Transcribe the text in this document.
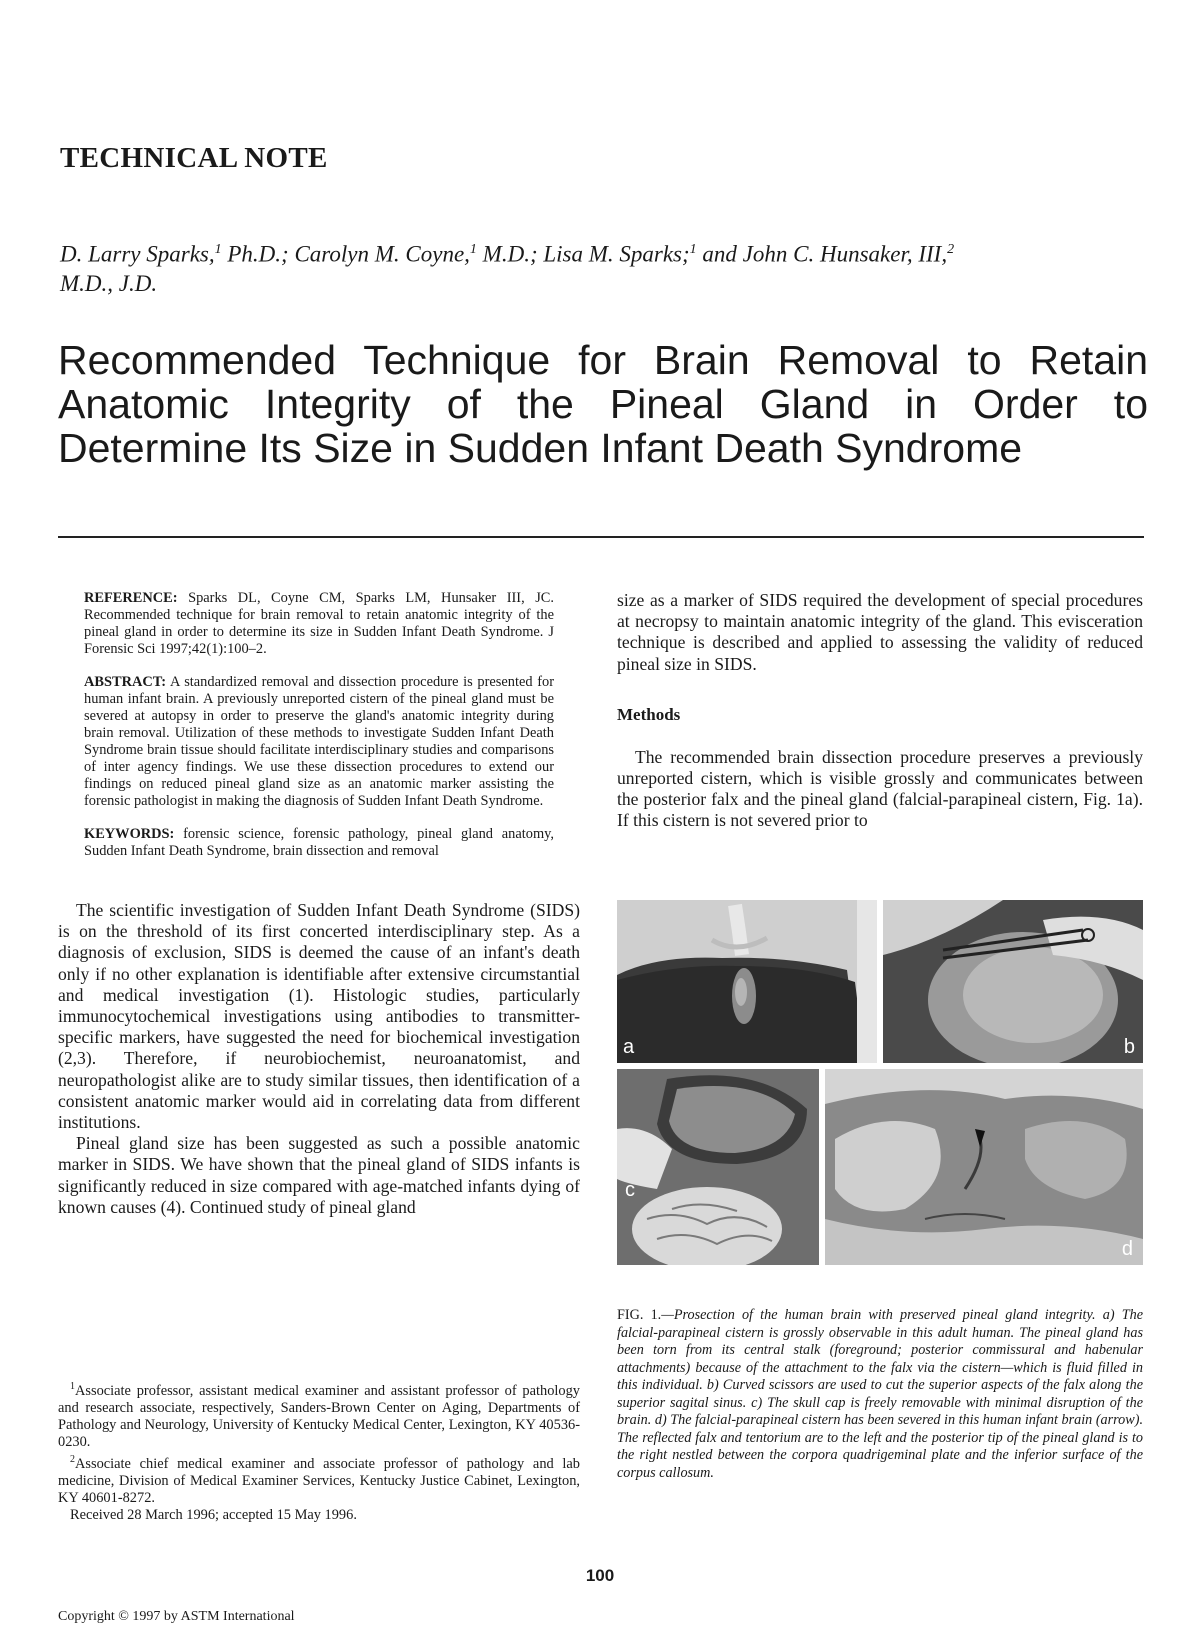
TECHNICAL NOTE
D. Larry Sparks,$^1$ Ph.D.; Carolyn M. Coyne,$^1$ M.D.; Lisa M. Sparks;$^1$ and John C. Hunsaker, III,$^2$
M.D., J.D.
Recommended Technique for Brain Removal to Retain Anatomic Integrity of the Pineal Gland in Order to Determine Its Size in Sudden Infant Death Syndrome

REFERENCE: Sparks DL, Coyne CM, Sparks LM, Hunsaker III, JC. Recommended technique for brain removal to retain anatomic integrity of the pineal gland in order to determine its size in Sudden Infant Death Syndrome. J Forensic Sci 1997;42(1):100–2.

ABSTRACT: A standardized removal and dissection procedure is presented for human infant brain. A previously unreported cistern of the pineal gland must be severed at autopsy in order to preserve the gland's anatomic integrity during brain removal. Utilization of these methods to investigate Sudden Infant Death Syndrome brain tissue should facilitate interdisciplinary studies and comparisons of inter agency findings. We use these dissection procedures to extend our findings on reduced pineal gland size as an anatomic marker assisting the forensic pathologist in making the diagnosis of Sudden Infant Death Syndrome.

KEYWORDS: forensic science, forensic pathology, pineal gland anatomy, Sudden Infant Death Syndrome, brain dissection and removal

The scientific investigation of Sudden Infant Death Syndrome (SIDS) is on the threshold of its first concerted interdisciplinary step. As a diagnosis of exclusion, SIDS is deemed the cause of an infant's death only if no other explanation is identifiable after extensive circumstantial and medical investigation (1). Histologic studies, particularly immunocytochemical investigations using antibodies to transmitter-specific markers, have suggested the need for biochemical investigation (2,3). Therefore, if neurobiochemist, neuroanatomist, and neuropathologist alike are to study similar tissues, then identification of a consistent anatomic marker would aid in correlating data from different institutions.

Pineal gland size has been suggested as such a possible anatomic marker in SIDS. We have shown that the pineal gland of SIDS infants is significantly reduced in size compared with age-matched infants dying of known causes (4). Continued study of pineal gland

size as a marker of SIDS required the development of special procedures at necropsy to maintain anatomic integrity of the gland. This evisceration technique is described and applied to assessing the validity of reduced pineal size in SIDS.

Methods

The recommended brain dissection procedure preserves a previously unreported cistern, which is visible grossly and communicates between the posterior falx and the pineal gland (falcial-parapineal cistern, Fig. 1a). If this cistern is not severed prior to

a	b
c
d

FIG. 1.—Prosection of the human brain with preserved pineal gland integrity. a) The falcial-parapineal cistern is grossly observable in this adult human. The pineal gland has been torn from its central stalk (foreground; posterior commissural and habenular attachments) because of the attachment to the falx via the cistern—which is fluid filled in this individual. b) Curved scissors are used to cut the superior aspects of the falx along the superior sagital sinus. c) The skull cap is freely removable with minimal disruption of the brain. d) The falcial-parapineal cistern has been severed in this human infant brain (arrow). The reflected falx and tentorium are to the left and the posterior tip of the pineal gland is to the right nestled between the corpora quadrigeminal plate and the inferior surface of the corpus callosum.

$^1$Associate professor, assistant medical examiner and assistant professor of pathology and research associate, respectively, Sanders-Brown Center on Aging, Departments of Pathology and Neurology, University of Kentucky Medical Center, Lexington, KY 40536-0230.

$^2$Associate chief medical examiner and associate professor of pathology and lab medicine, Division of Medical Examiner Services, Kentucky Justice Cabinet, Lexington, KY 40601-8272.

Received 28 March 1996; accepted 15 May 1996.

100
Copyright © 1997 by ASTM International
